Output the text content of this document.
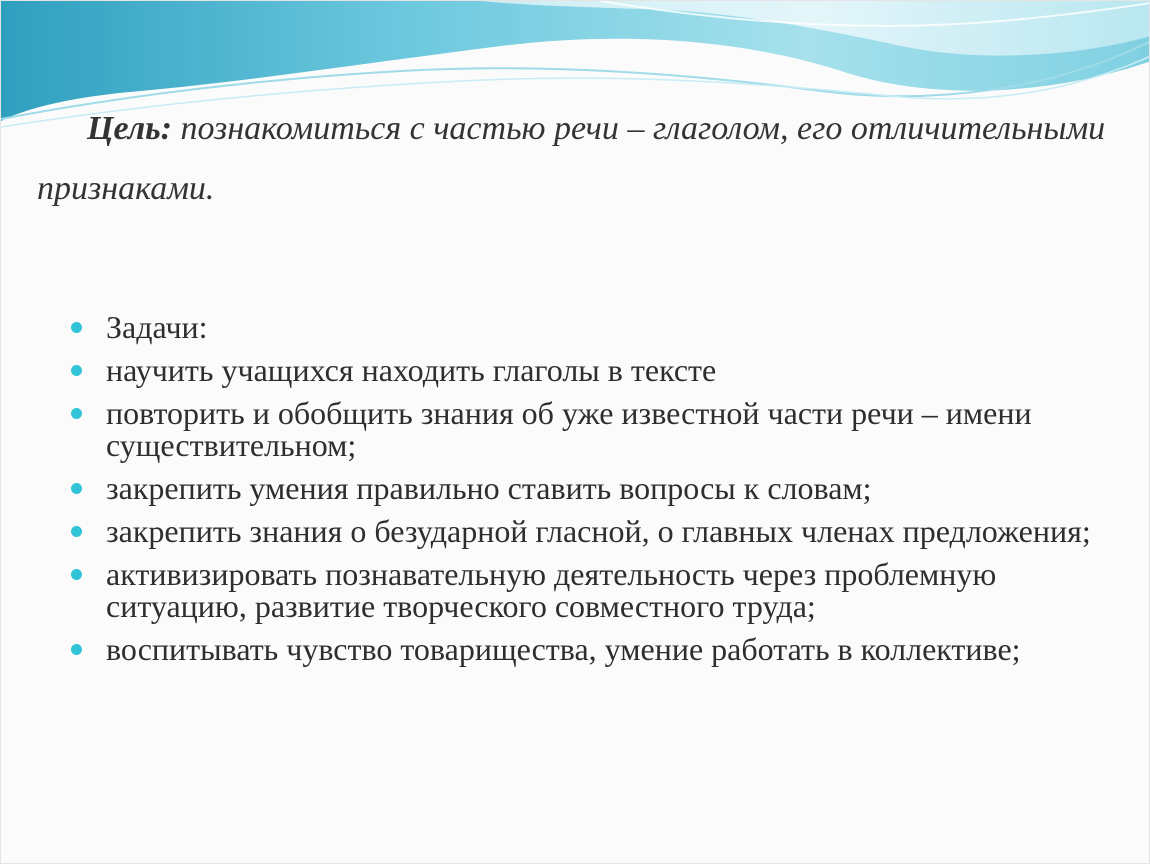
Цель: познакомиться с частью речи – глаголом, его отличительными признаками.

Задачи:
научить учащихся находить глаголы в тексте
повторить и обобщить знания об уже известной части речи – имени существительном;
закрепить умения правильно ставить вопросы к словам;
закрепить знания о безударной гласной, о главных членах предложения;
активизировать познавательную деятельность через проблемную ситуацию, развитие творческого совместного труда;
воспитывать чувство товарищества, умение работать в коллективе;
